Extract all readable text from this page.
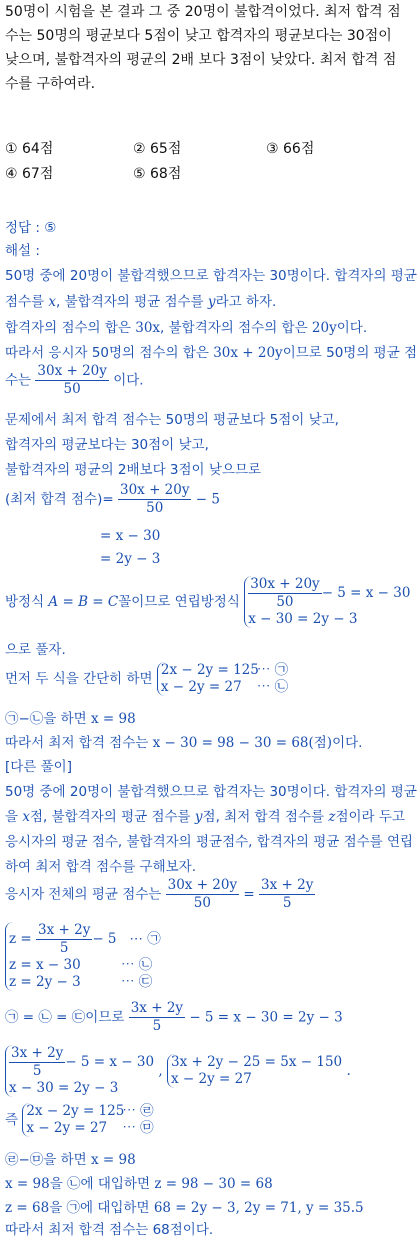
50명이 시험을 본 결과 그 중 20명이 불합격이었다. 최저 합격 점
수는 50명의 평균보다 5점이 낮고 합격자의 평균보다는 30점이
낮으며, 불합격자의 평균의 2배 보다 3점이 낮았다. 최저 합격 점
수를 구하여라.
① 64점	② 65점	③ 66점
④ 67점	⑤ 68점
정답 : ⑤
해설 :
50명 중에 20명이 불합격했으므로 합격자는 30명이다. 합격자의 평균
점수를 x, 불합격자의 평균 점수를 y라고 하자.
합격자의 점수의 합은 30x, 불합격자의 점수의 합은 20y이다.
따라서 응시자 50명의 점수의 합은 30x + 20y이므로 50명의 평균 점
수는 $\frac{30x + 20y}{50}$ 이다.
문제에서 최저 합격 점수는 50명의 평균보다 5점이 낮고,
합격자의 평균보다는 30점이 낮고,
불합격자의 평균의 2배보다 3점이 낮으므로
(최저 합격 점수)= $\frac{30x + 20y}{50} - 5$
= x − 30
= 2y − 3
방정식 A = B = C꼴이므로 연립방정식 $\frac{30x + 20y}{50} - 5 = x - 30$
x − 30 = 2y − 3
으로 풀자.
먼저 두 식을 간단히 하면
2x − 2y = 125⋯ ㉠
x − 2y = 27 ⋯ ㉡
㉠−㉡을 하면 x = 98
따라서 최저 합격 점수는 x − 30 = 98 − 30 = 68(점)이다.
[다른 풀이]
50명 중에 20명이 불합격했으므로 합격자는 30명이다. 합격자의 평균
을 x점, 불합격자의 평균 점수를 y점, 최저 합격 점수를 z점이라 두고
응시자의 평균 점수, 불합격자의 평균점수, 합격자의 평균 점수를 연립
하여 최저 합격 점수를 구해보자.
응시자 전체의 평균 점수는 $\frac{30x + 20y}{50} = \frac{3x + 2y}{5}$
$z = \frac{3x + 2y}{5} - 5$ ⋯ ㉠
z = x − 30	⋯ ㉡
z = 2y − 3	⋯ ㉢
㉠ = ㉡ = ㉢이므로 $\frac{3x + 2y}{5} - 5 = x - 30 = 2y - 3$
$\frac{3x + 2y}{5} - 5 = x - 30$
x − 30 = 2y − 3
,
3x + 2y − 25 = 5x − 150
x − 2y = 27	.
즉
2x − 2y = 125⋯ ㉣
x − 2y = 27 ⋯ ㉤
㉣−㉤을 하면 x = 98
x = 98을 ㉡에 대입하면 z = 98 − 30 = 68
z = 68을 ㉠에 대입하면 68 = 2y − 3, 2y = 71, y = 35.5
따라서 최저 합격 점수는 68점이다.
